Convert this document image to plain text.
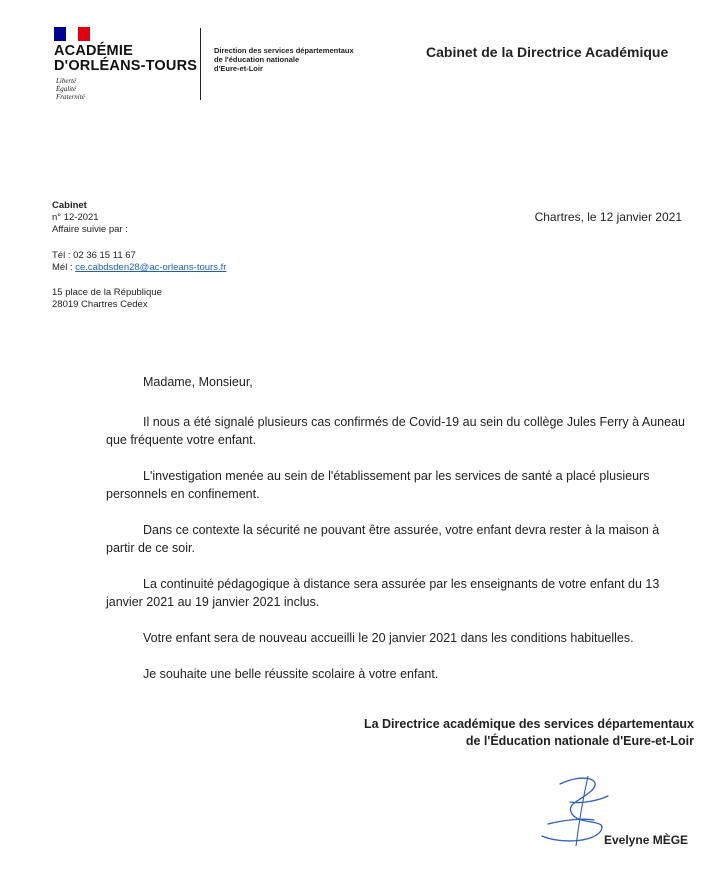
ACADÉMIE
D'ORLÉANS-TOURS
Liberté
Égalité
Fraternité
Direction des services départementaux
de l'éducation nationale
d'Eure-et-Loir
Cabinet de la Directrice Académique
Cabinet
n° 12-2021
Affaire suivie par :
Tél : 02 36 15 11 67
Mél : ce.cabdsden28@ac-orleans-tours.fr
15 place de la République
28019 Chartres Cedex
Chartres, le 12 janvier 2021
Madame, Monsieur,
Il nous a été signalé plusieurs cas confirmés de Covid-19 au sein du collège Jules Ferry à Auneau
que fréquente votre enfant.
L'investigation menée au sein de l'établissement par les services de santé a placé plusieurs
personnels en confinement.
Dans ce contexte la sécurité ne pouvant être assurée, votre enfant devra rester à la maison à
partir de ce soir.
La continuité pédagogique à distance sera assurée par les enseignants de votre enfant du 13
janvier 2021 au 19 janvier 2021 inclus.
Votre enfant sera de nouveau accueilli le 20 janvier 2021 dans les conditions habituelles.
Je souhaite une belle réussite scolaire à votre enfant.
La Directrice académique des services départementaux
de l'Éducation nationale d'Eure-et-Loir
Evelyne MÈGE
